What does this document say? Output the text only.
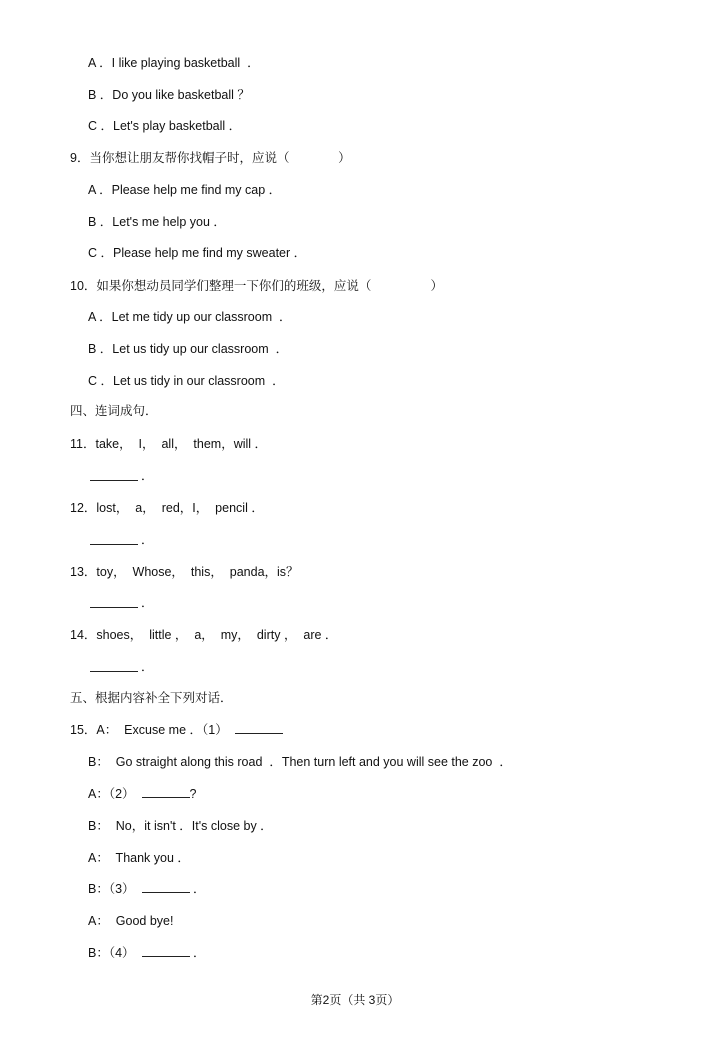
A ．I like playing basketball  ．
B ．Do you like basketball ？
C ．Let's play basketball ．
9．当你想让朋友帮你找帽子时，应说（              ）
A ．Please help me find my cap ．
B ．Let's me help you ．
C ．Please help me find my sweater ．
10．如果你想动员同学们整理一下你们的班级，应说（                 ）
A ．Let me tidy up our classroom  ．
B ．Let us tidy up our classroom  ．
C ．Let us tidy in our classroom  ．
四、连词成句．
11．take，  I，  all，  them，will ．
．
12．lost，  a，  red，I，  pencil ．
．
13．toy，  Whose，  this，  panda，is？
．
14．shoes，  little ，  a，  my，  dirty ，  are ．
．
五、根据内容补全下列对话．
15．A：  Excuse me ．（1）
B：  Go straight along this road  ．Then turn left and you will see the zoo  ．
A：（2）	?
B：  No，it isn't ．It's close by ．
A：  Thank you ．
B：（3）	．
A：  Good bye!
B：（4）	．
第2页（共 3页）
